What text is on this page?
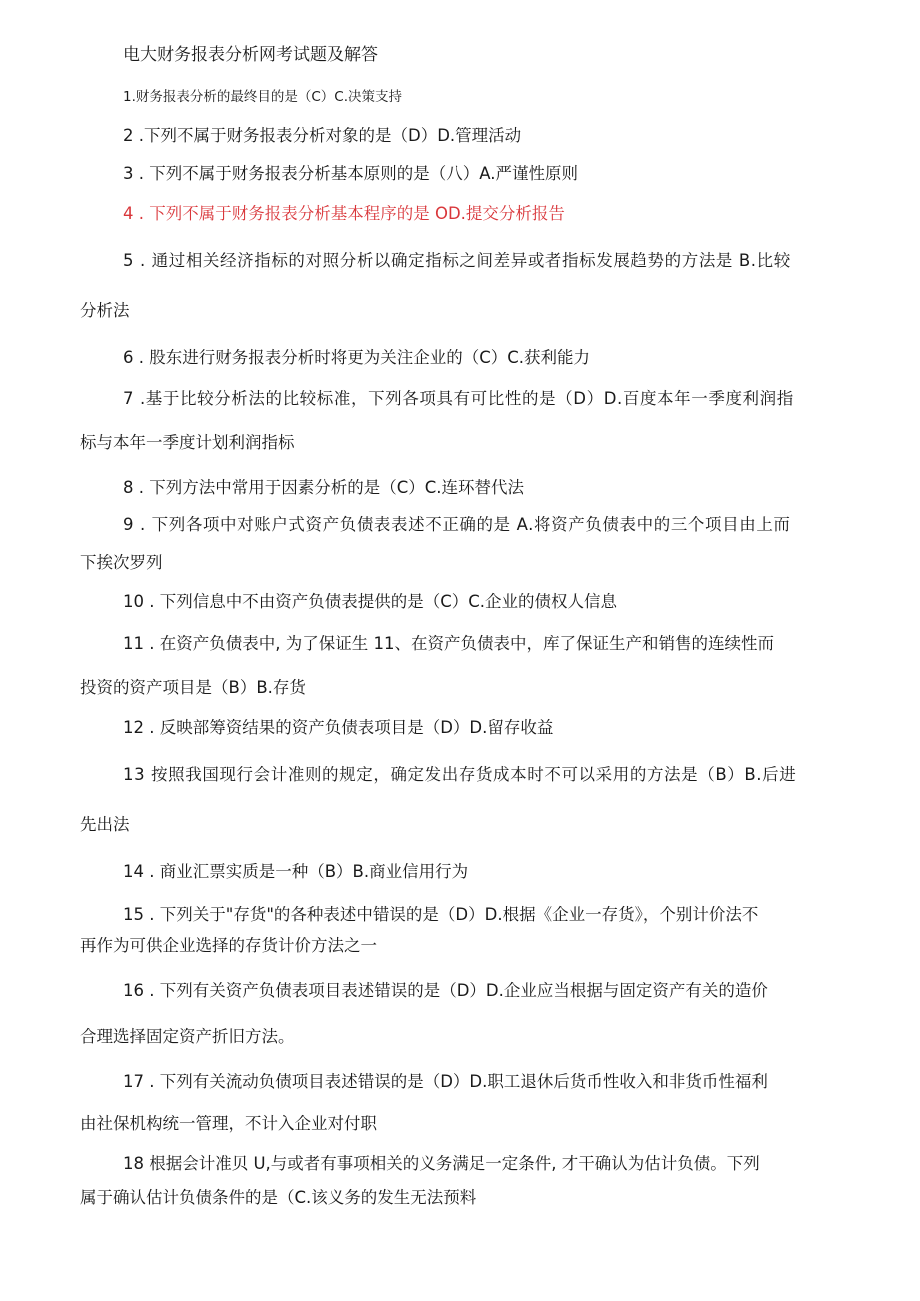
电大财务报表分析网考试题及解答
1.财务报表分析的最终目的是（C）C.决策支持
2 .下列不属于财务报表分析对象的是（D）D.管理活动
3 . 下列不属于财务报表分析基本原则的是（八）A.严谨性原则
4 . 下列不属于财务报表分析基本程序的是 OD.提交分析报告
5 . 通过相关经济指标的对照分析以确定指标之间差异或者指标发展趋势的方法是 B.比较
分析法
6 . 股东进行财务报表分析时将更为关注企业的（C）C.获利能力
7 .基于比较分析法的比较标准，下列各项具有可比性的是（D）D.百度本年一季度利润指
标与本年一季度计划利润指标
8 . 下列方法中常用于因素分析的是（C）C.连环替代法
9 . 下列各项中对账户式资产负债表表述不正确的是 A.将资产负债表中的三个项目由上而
下挨次罗列
10 . 下列信息中不由资产负债表提供的是（C）C.企业的债权人信息
11 . 在资产负债表中, 为了保证生 11、在资产负债表中，库了保证生产和销售的连续性而
投资的资产项目是（B）B.存货
12 . 反映部筹资结果的资产负债表项目是（D）D.留存收益
13 按照我国现行会计准则的规定，确定发出存货成本时不可以采用的方法是（B）B.后进
先出法
14 . 商业汇票实质是一种（B）B.商业信用行为
15 . 下列关于"存货"的各种表述中错误的是（D）D.根据《企业一存货》，个别计价法不
再作为可供企业选择的存货计价方法之一
16 . 下列有关资产负债表项目表述错误的是（D）D.企业应当根据与固定资产有关的造价
合理选择固定资产折旧方法。
17 . 下列有关流动负债项目表述错误的是（D）D.职工退休后货币性收入和非货币性福利
由社保机构统一管理，不计入企业对付职
18 根据会计准贝 U,与或者有事项相关的义务满足一定条件, 才干确认为估计负债。下列
属于确认估计负债条件的是（C.该义务的发生无法预料
